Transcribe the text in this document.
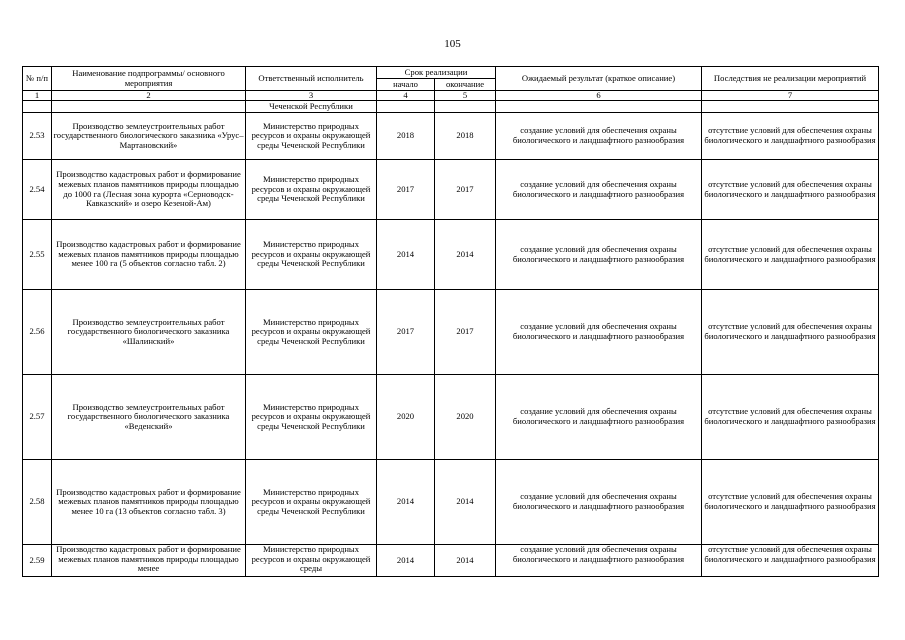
105
№ п/п	Наименование подпрограммы/ основного мероприятия	Ответственный исполнитель	Срок реализации		Ожидаемый результат (краткое описание)	Последствия не реализации мероприятий
			начало	окончание		
1	2	3	4	5	6	7
		Чеченской Республики				
2.53	Производство землеустроительных работ государственного биологического заказника «Урус–Мартановский»	Министерство природных ресурсов и охраны окружающей среды Чеченской Республики	2018	2018	создание условий для обеспечения охраны биологического и ландшафтного разнообразия	отсутствие условий для обеспечения охраны биологического и ландшафтного разнообразия
2.54	Производство кадастровых работ и формирование межевых планов памятников природы площадью до 1000 га (Лесная зона курорта «Серноводск-Кавказский» и озеро Кезеной-Ам)	Министерство природных ресурсов и охраны окружающей среды Чеченской Республики	2017	2017	создание условий для обеспечения охраны биологического и ландшафтного разнообразия	отсутствие условий для обеспечения охраны биологического и ландшафтного разнообразия
2.55	Производство кадастровых работ и формирование межевых планов памятников природы площадью менее 100 га (5 объектов согласно табл. 2)	Министерство природных ресурсов и охраны окружающей среды Чеченской Республики	2014	2014	создание условий для обеспечения охраны биологического и ландшафтного разнообразия	отсутствие условий для обеспечения охраны биологического и ландшафтного разнообразия
2.56	Производство землеустроительных работ государственного биологического заказника «Шалинский»	Министерство природных ресурсов и охраны окружающей среды Чеченской Республики	2017	2017	создание условий для обеспечения охраны биологического и ландшафтного разнообразия	отсутствие условий для обеспечения охраны биологического и ландшафтного разнообразия
2.57	Производство землеустроительных работ государственного биологического заказника «Веденский»	Министерство природных ресурсов и охраны окружающей среды Чеченской Республики	2020	2020	создание условий для обеспечения охраны биологического и ландшафтного разнообразия	отсутствие условий для обеспечения охраны биологического и ландшафтного разнообразия
2.58	Производство кадастровых работ и формирование межевых планов памятников природы площадью менее 10 га (13 объектов согласно табл. 3)	Министерство природных ресурсов и охраны окружающей среды Чеченской Республики	2014	2014	создание условий для обеспечения охраны биологического и ландшафтного разнообразия	отсутствие условий для обеспечения охраны биологического и ландшафтного разнообразия
2.59	Производство кадастровых работ и формирование межевых планов памятников природы площадью менее	Министерство природных ресурсов и охраны окружающей среды	2014	2014	создание условий для обеспечения охраны биологического и ландшафтного разнообразия	отсутствие условий для обеспечения охраны биологического и ландшафтного разнообразия
